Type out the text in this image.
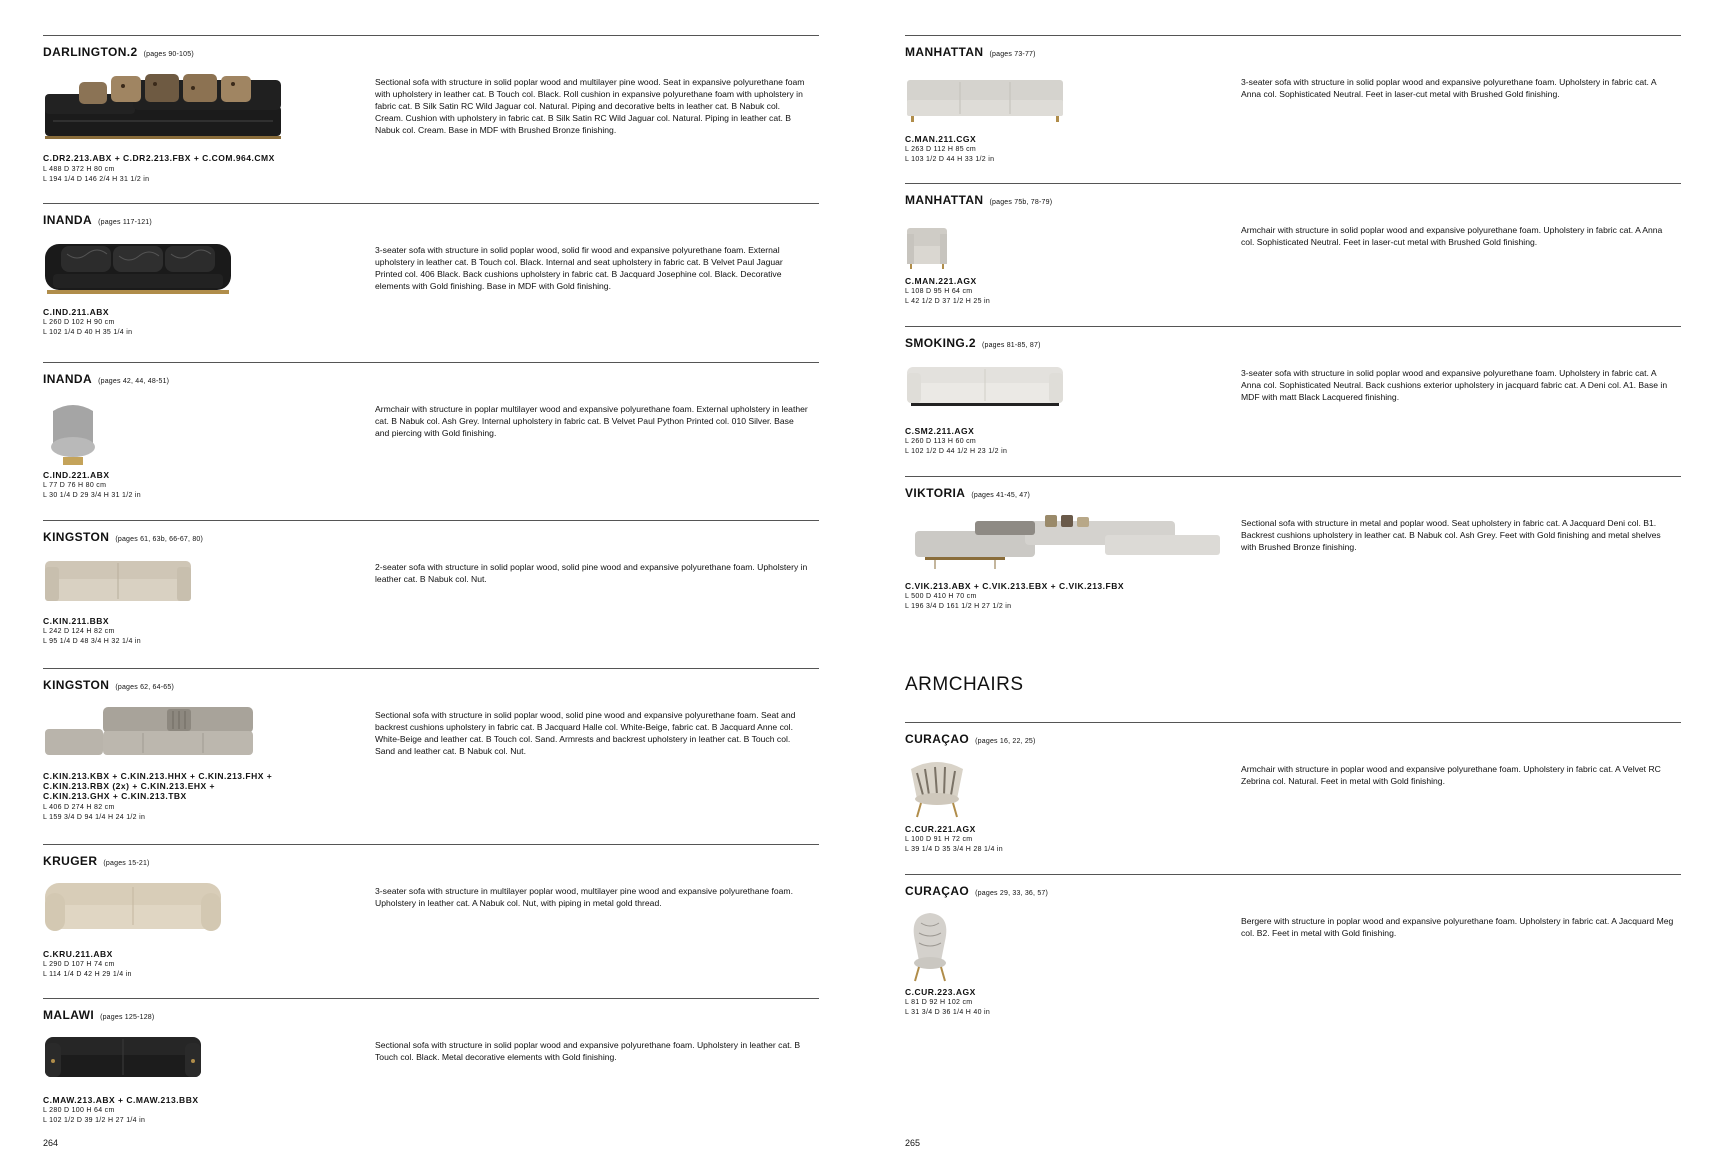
DARLINGTON.2 (pages 90-105)
C.DR2.213.ABX + C.DR2.213.FBX + C.COM.964.CMX
L 488 D 372 H 80 cm
L 194 1/4 D 146 2/4 H 31 1/2 in
Sectional sofa with structure in solid poplar wood and multilayer pine wood. Seat in expansive polyurethane foam with upholstery in leather cat. B Touch col. Black. Roll cushion in expansive polyurethane foam with upholstery in fabric cat. B Silk Satin RC Wild Jaguar col. Natural. Piping and decorative belts in leather cat. B Nabuk col. Cream. Cushion with upholstery in fabric cat. B Silk Satin RC Wild Jaguar col. Natural. Piping in leather cat. B Nabuk col. Cream. Base in MDF with Brushed Bronze finishing.
INANDA (pages 117-121)
C.IND.211.ABX
L 260 D 102 H 90 cm
L 102 1/4 D 40 H 35 1/4 in
3-seater sofa with structure in solid poplar wood, solid fir wood and expansive polyurethane foam. External upholstery in leather cat. B Touch col. Black. Internal and seat upholstery in fabric cat. B Velvet Paul Jaguar Printed col. 406 Black. Back cushions upholstery in fabric cat. B Jacquard Josephine col. Black. Decorative elements with Gold finishing. Base in MDF with Gold finishing.
INANDA (pages 42, 44, 48-51)
C.IND.221.ABX
L 77 D 76 H 80 cm
L 30 1/4 D 29 3/4 H 31 1/2 in
Armchair with structure in poplar multilayer wood and expansive polyurethane foam. External upholstery in leather cat. B Nabuk col. Ash Grey. Internal upholstery in fabric cat. B Velvet Paul Python Printed col. 010 Silver. Base and piercing with Gold finishing.
KINGSTON (pages 61, 63b, 66-67, 80)
C.KIN.211.BBX
L 242 D 124 H 82 cm
L 95 1/4 D 48 3/4 H 32 1/4 in
2-seater sofa with structure in solid poplar wood, solid pine wood and expansive polyurethane foam. Upholstery in leather cat. B Nabuk col. Nut.
KINGSTON (pages 62, 64-65)
C.KIN.213.KBX + C.KIN.213.HHX + C.KIN.213.FHX +
C.KIN.213.RBX (2x) + C.KIN.213.EHX +
C.KIN.213.GHX + C.KIN.213.TBX
L 406 D 274 H 82 cm
L 159 3/4 D 94 1/4 H 24 1/2 in
Sectional sofa with structure in solid poplar wood, solid pine wood and expansive polyurethane foam. Seat and backrest cushions upholstery in fabric cat. B Jacquard Halle col. White-Beige, fabric cat. B Jacquard Anne col. White-Beige and leather cat. B Touch col. Sand. Armrests and backrest upholstery in leather cat. B Touch col. Sand and leather cat. B Nabuk col. Nut.
KRUGER (pages 15-21)
C.KRU.211.ABX
L 290 D 107 H 74 cm
L 114 1/4 D 42 H 29 1/4 in
3-seater sofa with structure in multilayer poplar wood, multilayer pine wood and expansive polyurethane foam. Upholstery in leather cat. A Nabuk col. Nut, with piping in metal gold thread.
MALAWI (pages 125-128)
C.MAW.213.ABX + C.MAW.213.BBX
L 280 D 100 H 64 cm
L 102 1/2 D 39 1/2 H 27 1/4 in
Sectional sofa with structure in solid poplar wood and expansive polyurethane foam. Upholstery in leather cat. B Touch col. Black. Metal decorative elements with Gold finishing.
264
MANHATTAN (pages 73-77)
C.MAN.211.CGX
L 263 D 112 H 85 cm
L 103 1/2 D 44 H 33 1/2 in
3-seater sofa with structure in solid poplar wood and expansive polyurethane foam. Upholstery in fabric cat. A Anna col. Sophisticated Neutral. Feet in laser-cut metal with Brushed Gold finishing.
MANHATTAN (pages 75b, 78-79)
C.MAN.221.AGX
L 108 D 95 H 64 cm
L 42 1/2 D 37 1/2 H 25 in
Armchair with structure in solid poplar wood and expansive polyurethane foam. Upholstery in fabric cat. A Anna col. Sophisticated Neutral. Feet in laser-cut metal with Brushed Gold finishing.
SMOKING.2 (pages 81-85, 87)
C.SM2.211.AGX
L 260 D 113 H 60 cm
L 102 1/2 D 44 1/2 H 23 1/2 in
3-seater sofa with structure in solid poplar wood and expansive polyurethane foam. Upholstery in fabric cat. A Anna col. Sophisticated Neutral. Back cushions exterior upholstery in jacquard fabric cat. A Deni col. A1. Base in MDF with matt Black Lacquered finishing.
VIKTORIA (pages 41-45, 47)
C.VIK.213.ABX + C.VIK.213.EBX + C.VIK.213.FBX
L 500 D 410 H 70 cm
L 196 3/4 D 161 1/2 H 27 1/2 in
Sectional sofa with structure in metal and poplar wood. Seat upholstery in fabric cat. A Jacquard Deni col. B1. Backrest cushions upholstery in leather cat. B Nabuk col. Ash Grey. Feet with Gold finishing and metal shelves with Brushed Bronze finishing.
CURAÇAO (pages 16, 22, 25)
C.CUR.221.AGX
L 100 D 91 H 72 cm
L 39 1/4 D 35 3/4 H 28 1/4 in
Armchair with structure in poplar wood and expansive polyurethane foam. Upholstery in fabric cat. A Velvet RC Zebrina col. Natural. Feet in metal with Gold finishing.
CURAÇAO (pages 29, 33, 36, 57)
C.CUR.223.AGX
L 81 D 92 H 102 cm
L 31 3/4 D 36 1/4 H 40 in
Bergere with structure in poplar wood and expansive polyurethane foam. Upholstery in fabric cat. A Jacquard Meg col. B2. Feet in metal with Gold finishing.
265
ARMCHAIRS
